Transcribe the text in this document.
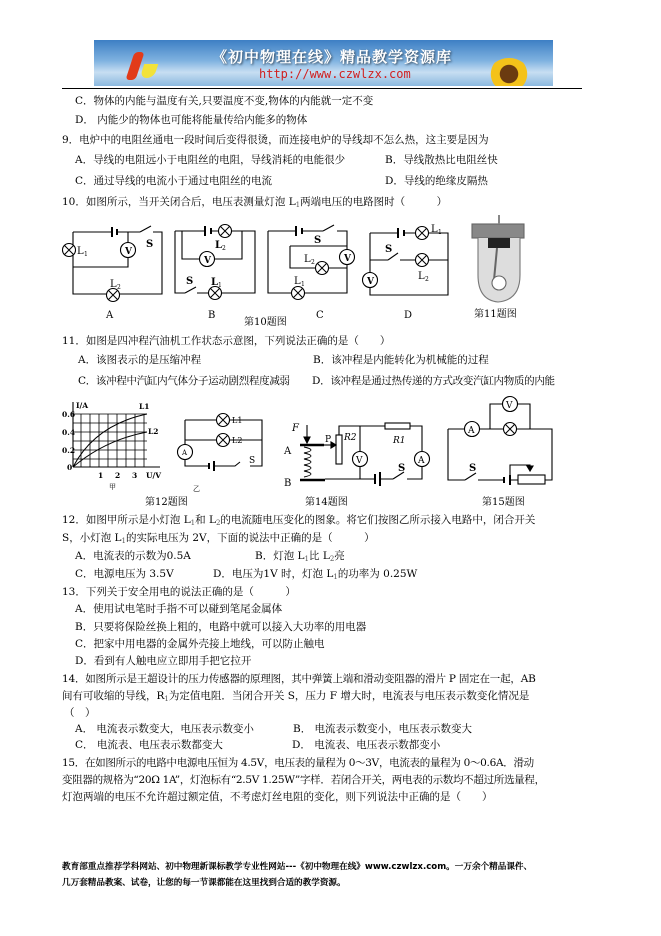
《初中物理在线》精品教学资源库
http://www.czwlzx.com
C．物体的内能与温度有关,只要温度不变,物体的内能就一定不变
D． 内能少的物体也可能将能量传给内能多的物体
9．电炉中的电阻丝通电一段时间后变得很烫，而连接电炉的导线却不怎么热，这主要是因为
A．导线的电阻远小于电阻丝的电阻，导线消耗的电能很少	B．导线散热比电阻丝快
C．通过导线的电流小于通过电阻丝的电流	D．导线的绝缘皮隔热
10．如图所示，当开关闭合后，电压表测量灯泡 $L_1$两端电压的电路图时（　　　）
11．如图是四冲程汽油机工作状态示意图，下列说法正确的是（　　）
A．该图表示的是压缩冲程	B．该冲程是内能转化为机械能的过程
C．该冲程中汽缸内气体分子运动剧烈程度减弱 D．该冲程是通过热传递的方式改变汽缸内物质的内能
12．如图甲所示是小灯泡 $L_1$和 $L_2$的电流随电压变化的图象。将它们按图乙所示接入电路中，闭合开关
S，小灯泡 $L_1$的实际电压为 2V，下面的说法中正确的是（　　　）
A．电流表的示数为0.5A	B．灯泡 $L_1$比 $L_2$亮
C．电源电压为 3.5V	D．电压为1V 时，灯泡 $L_1$的功率为 0.25W
13．下列关于安全用电的说法正确的是（　　　）
A．使用试电笔时手指不可以碰到笔尾金属体
B．只要将保险丝换上粗的，电路中就可以接入大功率的用电器
C．把家中用电器的金属外壳接上地线，可以防止触电
D．看到有人触电应立即用手把它拉开
14．如图所示是王超设计的压力传感器的原理图，其中弹簧上端和滑动变阻器的滑片 P 固定在一起，AB
间有可收缩的导线，$R_1$为定值电阻．当闭合开关 S，压力 F 增大时，电流表与电压表示数变化情况是
（　）
A． 电流表示数变大，电压表示数变小	B． 电流表示数变小，电压表示数变大
C． 电流表、电压表示数都变大	D． 电流表、电压表示数都变小
15．在如图所示的电路中电源电压恒为 4.5V，电压表的量程为 0～3V，电流表的量程为 0～0.6A．滑动
变阻器的规格为“20Ω 1A”，灯泡标有“2.5V 1.25W”字样．若闭合开关，两电表的示数均不超过所选量程，
灯泡两端的电压不允许超过额定值，不考虑灯丝电阻的变化，则下列说法中正确的是（　　）
教育部重点推荐学科网站、初中物理新课标教学专业性网站---《初中物理在线》www.czwlzx.com。一万余个精品课件、
几万套精品教案、试卷，让您的每一节课都能在这里找到合适的教学资源。
V
V	V
V
L 1
L 2
S	L 2
S L 1
S
L 2
L 1
L 1
S
L 2
A	B	C	D
第10题图
第11题图
I/A	L1
L2
U/V
0.6
0.4
0.2
0
1 2 3
甲	乙
L1
L2
A
S
第12题图
F
A
B
P R2	R1
V	A
S
第14题图
V
A
S
第15题图
